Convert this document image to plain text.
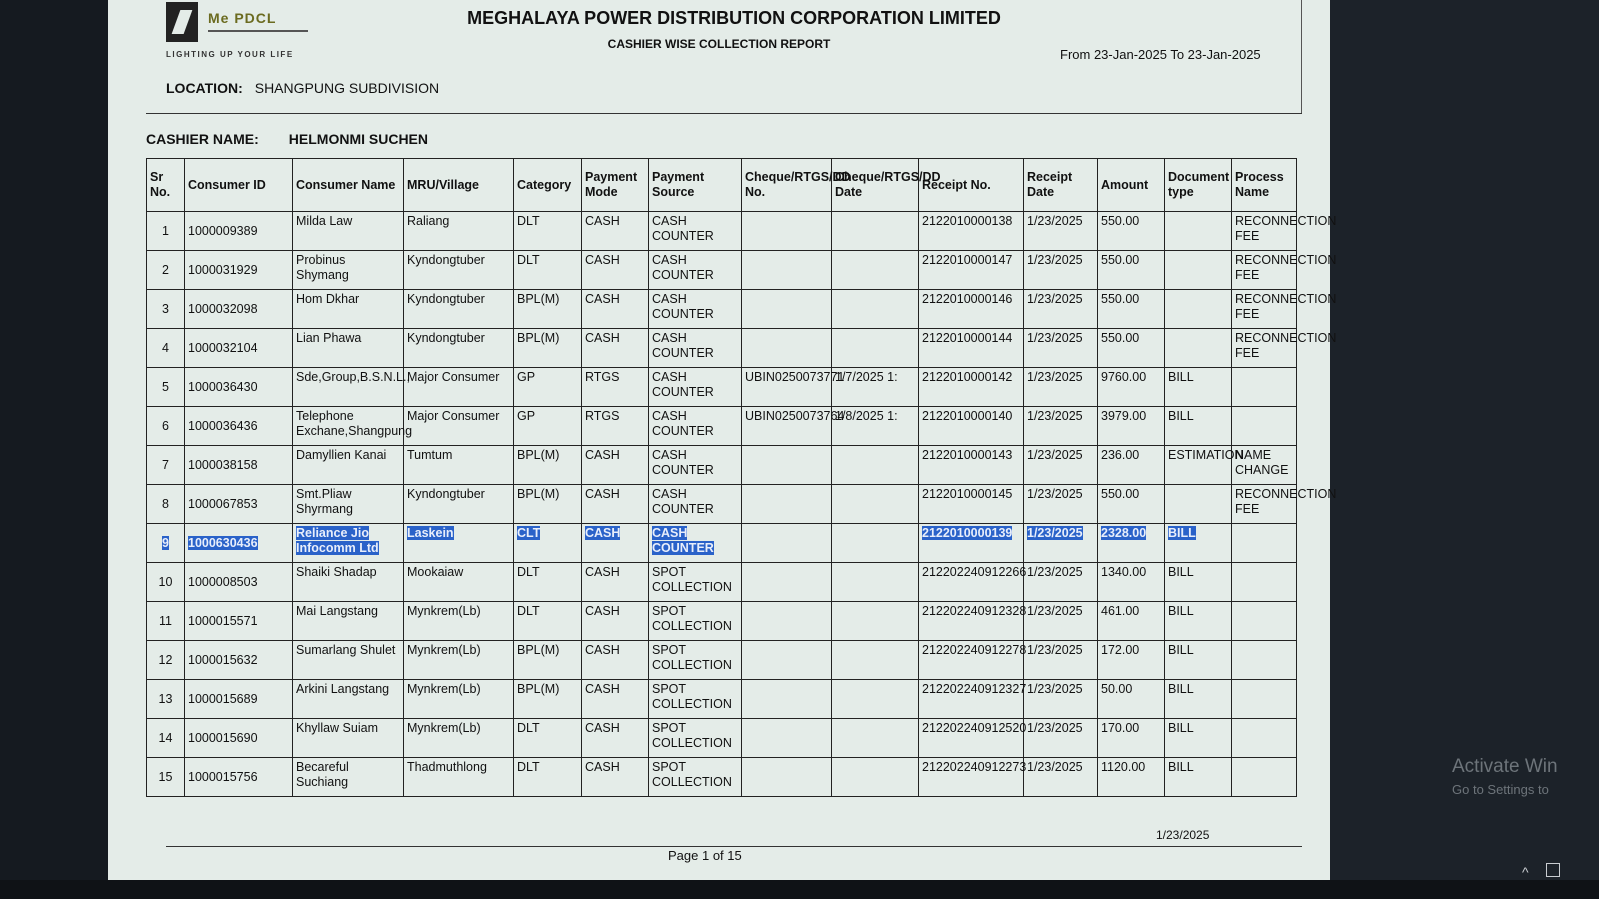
Me PDCL
LIGHTING UP YOUR LIFE
MEGHALAYA POWER DISTRIBUTION CORPORATION LIMITED
CASHIER WISE COLLECTION REPORT
From 23-Jan-2025 To 23-Jan-2025
LOCATION: SHANGPUNG SUBDIVISION
CASHIER NAME: HELMONMI SUCHEN
Sr No.	Consumer ID	Consumer Name	MRU/Village	Category	Payment Mode	Payment Source	Cheque/RTGS/DD No.	Cheque/RTGS/DD Date	Receipt No.	Receipt Date	Amount	Document type	Process Name
1	1000009389	Milda Law	Raliang	DLT	CASH	CASH COUNTER			2122010000138	1/23/2025	550.00		RECONNECTION FEE
2	1000031929	Probinus Shymang	Kyndongtuber	DLT	CASH	CASH COUNTER			2122010000147	1/23/2025	550.00		RECONNECTION FEE
3	1000032098	Hom Dkhar	Kyndongtuber	BPL(M)	CASH	CASH COUNTER			2122010000146	1/23/2025	550.00		RECONNECTION FEE
4	1000032104	Lian Phawa	Kyndongtuber	BPL(M)	CASH	CASH COUNTER			2122010000144	1/23/2025	550.00		RECONNECTION FEE
5	1000036430	Sde,Group,B.S.N.L.,	Major Consumer	GP	RTGS	CASH COUNTER	UBIN0250073771	1/7/2025 1:	2122010000142	1/23/2025	9760.00	BILL	
6	1000036436	Telephone Exchane,Shangpung	Major Consumer	GP	RTGS	CASH COUNTER	UBIN0250073764	1/8/2025 1:	2122010000140	1/23/2025	3979.00	BILL	
7	1000038158	Damyllien Kanai	Tumtum	BPL(M)	CASH	CASH COUNTER			2122010000143	1/23/2025	236.00	ESTIMATION	NAME CHANGE
8	1000067853	Smt.Pliaw Shyrmang	Kyndongtuber	BPL(M)	CASH	CASH COUNTER			2122010000145	1/23/2025	550.00		RECONNECTION FEE
9	1000630436	Reliance Jio Infocomm Ltd	Laskein	CLT	CASH	CASH COUNTER			2122010000139	1/23/2025	2328.00	BILL	
10	1000008503	Shaiki Shadap	Mookaiaw	DLT	CASH	SPOT COLLECTION			212202240912266	1/23/2025	1340.00	BILL	
11	1000015571	Mai Langstang	Mynkrem(Lb)	DLT	CASH	SPOT COLLECTION			212202240912328	1/23/2025	461.00	BILL	
12	1000015632	Sumarlang Shulet	Mynkrem(Lb)	BPL(M)	CASH	SPOT COLLECTION			212202240912278	1/23/2025	172.00	BILL	
13	1000015689	Arkini Langstang	Mynkrem(Lb)	BPL(M)	CASH	SPOT COLLECTION			212202240912327	1/23/2025	50.00	BILL	
14	1000015690	Khyllaw Suiam	Mynkrem(Lb)	DLT	CASH	SPOT COLLECTION			212202240912520	1/23/2025	170.00	BILL	
15	1000015756	Becareful Suchiang	Thadmuthlong	DLT	CASH	SPOT COLLECTION			212202240912273	1/23/2025	1120.00	BILL	
1/23/2025
Page 1 of 15
Activate Win
Go to Settings to
^
